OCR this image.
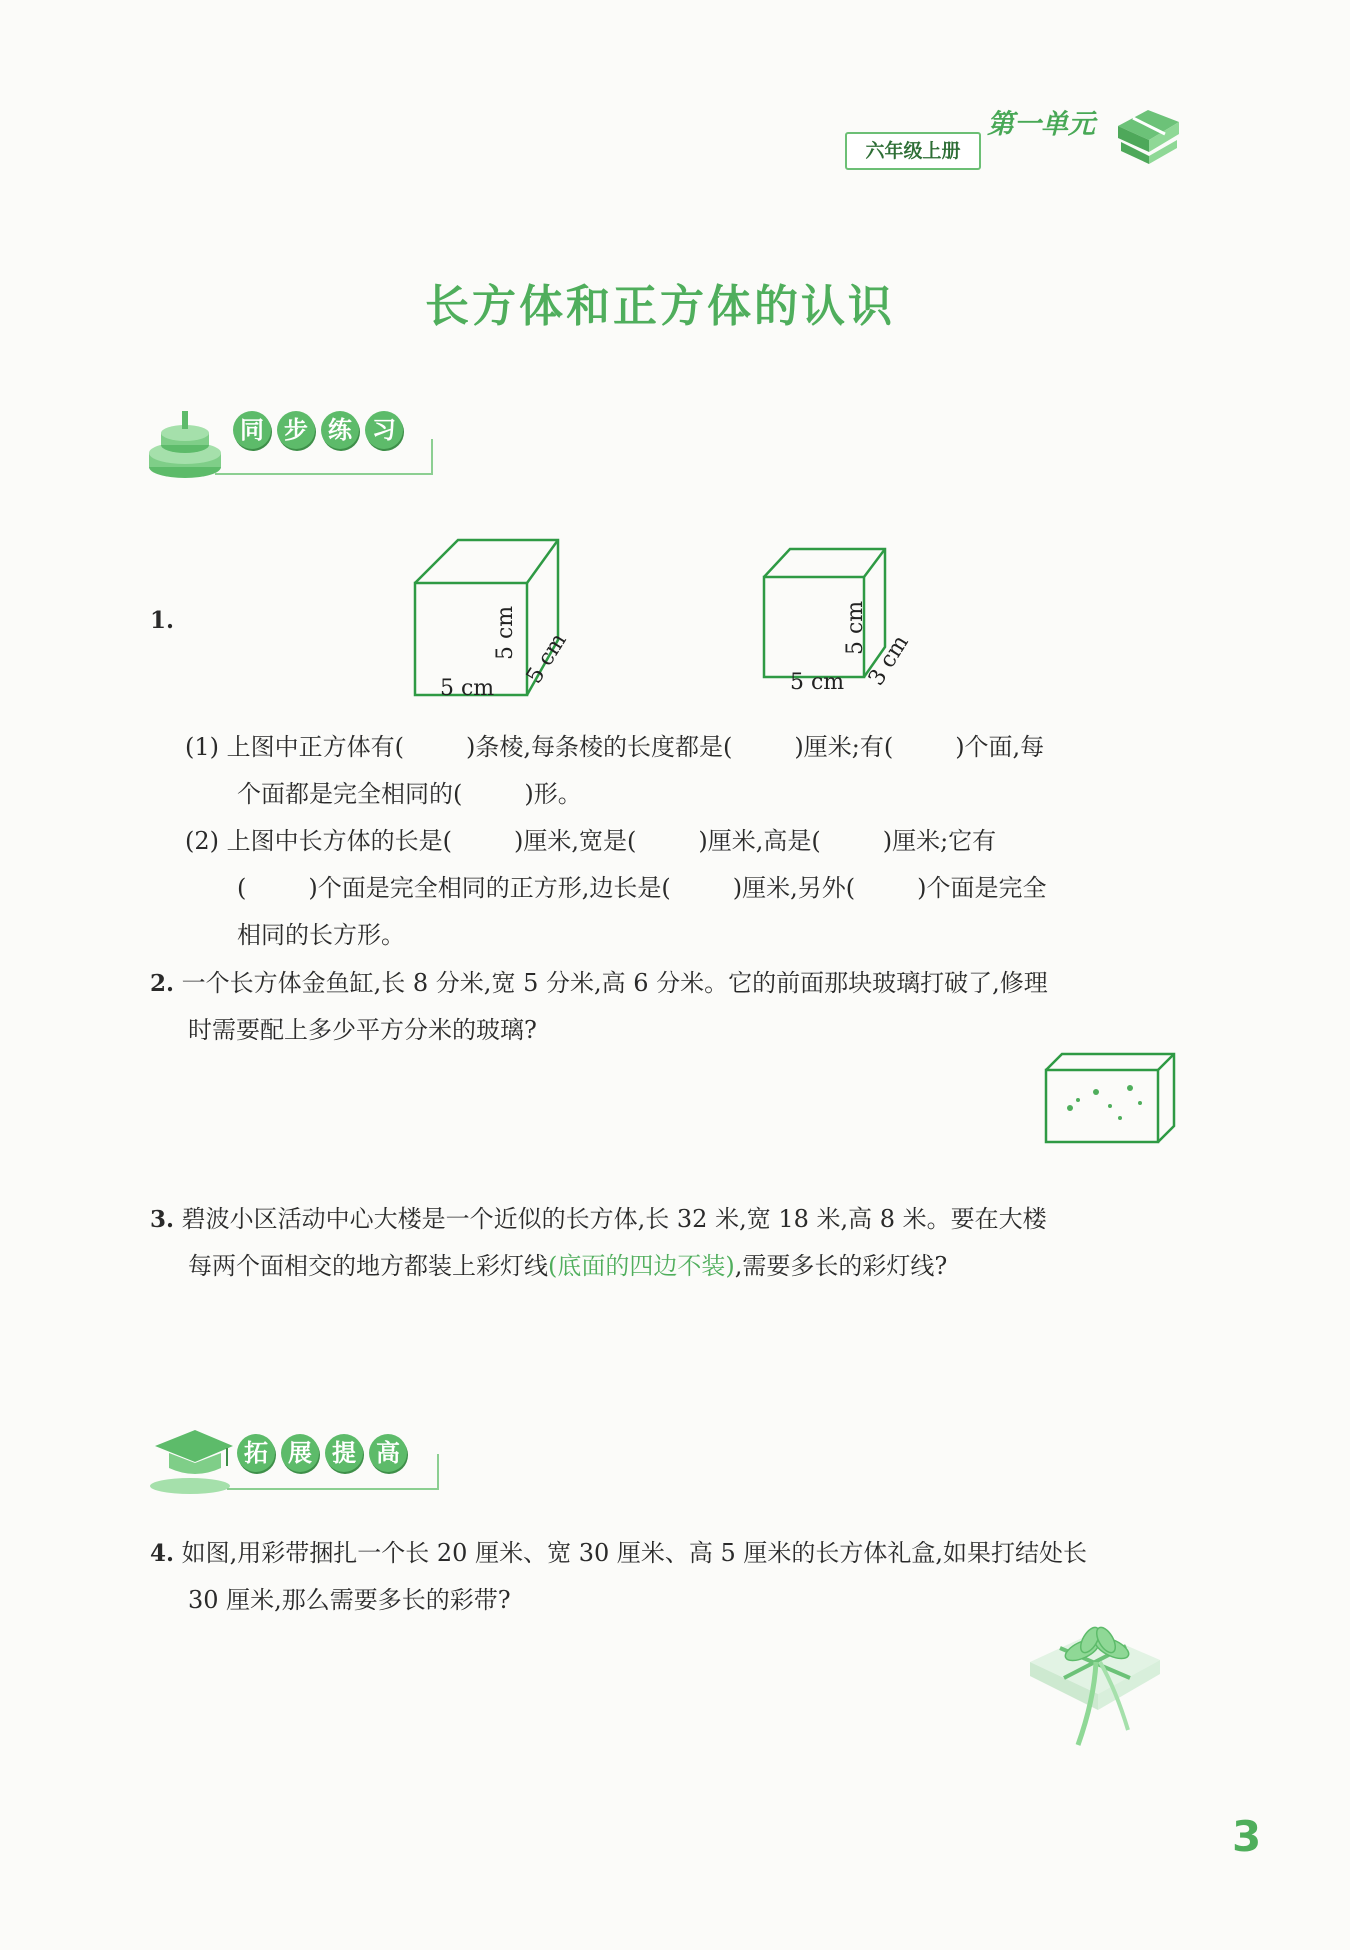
六年级上册
第一单元
长方体和正方体的认识
同 步 练 习
1.
5 cm
5 cm 5 cm	5 cm
5 cm
3 cm
(1) 上图中正方体有(	)条棱,每条棱的长度都是(	)厘米;有(	)个面,每
个面都是完全相同的(	)形。
(2) 上图中长方体的长是(	)厘米,宽是(	)厘米,高是(	)厘米;它有
(	)个面是完全相同的正方形,边长是(	)厘米,另外(	)个面是完全
相同的长方形。
2. 一个长方体金鱼缸,长 8 分米,宽 5 分米,高 6 分米。它的前面那块玻璃打破了,修理
时需要配上多少平方分米的玻璃?
3. 碧波小区活动中心大楼是一个近似的长方体,长 32 米,宽 18 米,高 8 米。要在大楼
每两个面相交的地方都装上彩灯线(底面的四边不装),需要多长的彩灯线?
拓 展 提 高
4. 如图,用彩带捆扎一个长 20 厘米、宽 30 厘米、高 5 厘米的长方体礼盒,如果打结处长
30 厘米,那么需要多长的彩带?
3
